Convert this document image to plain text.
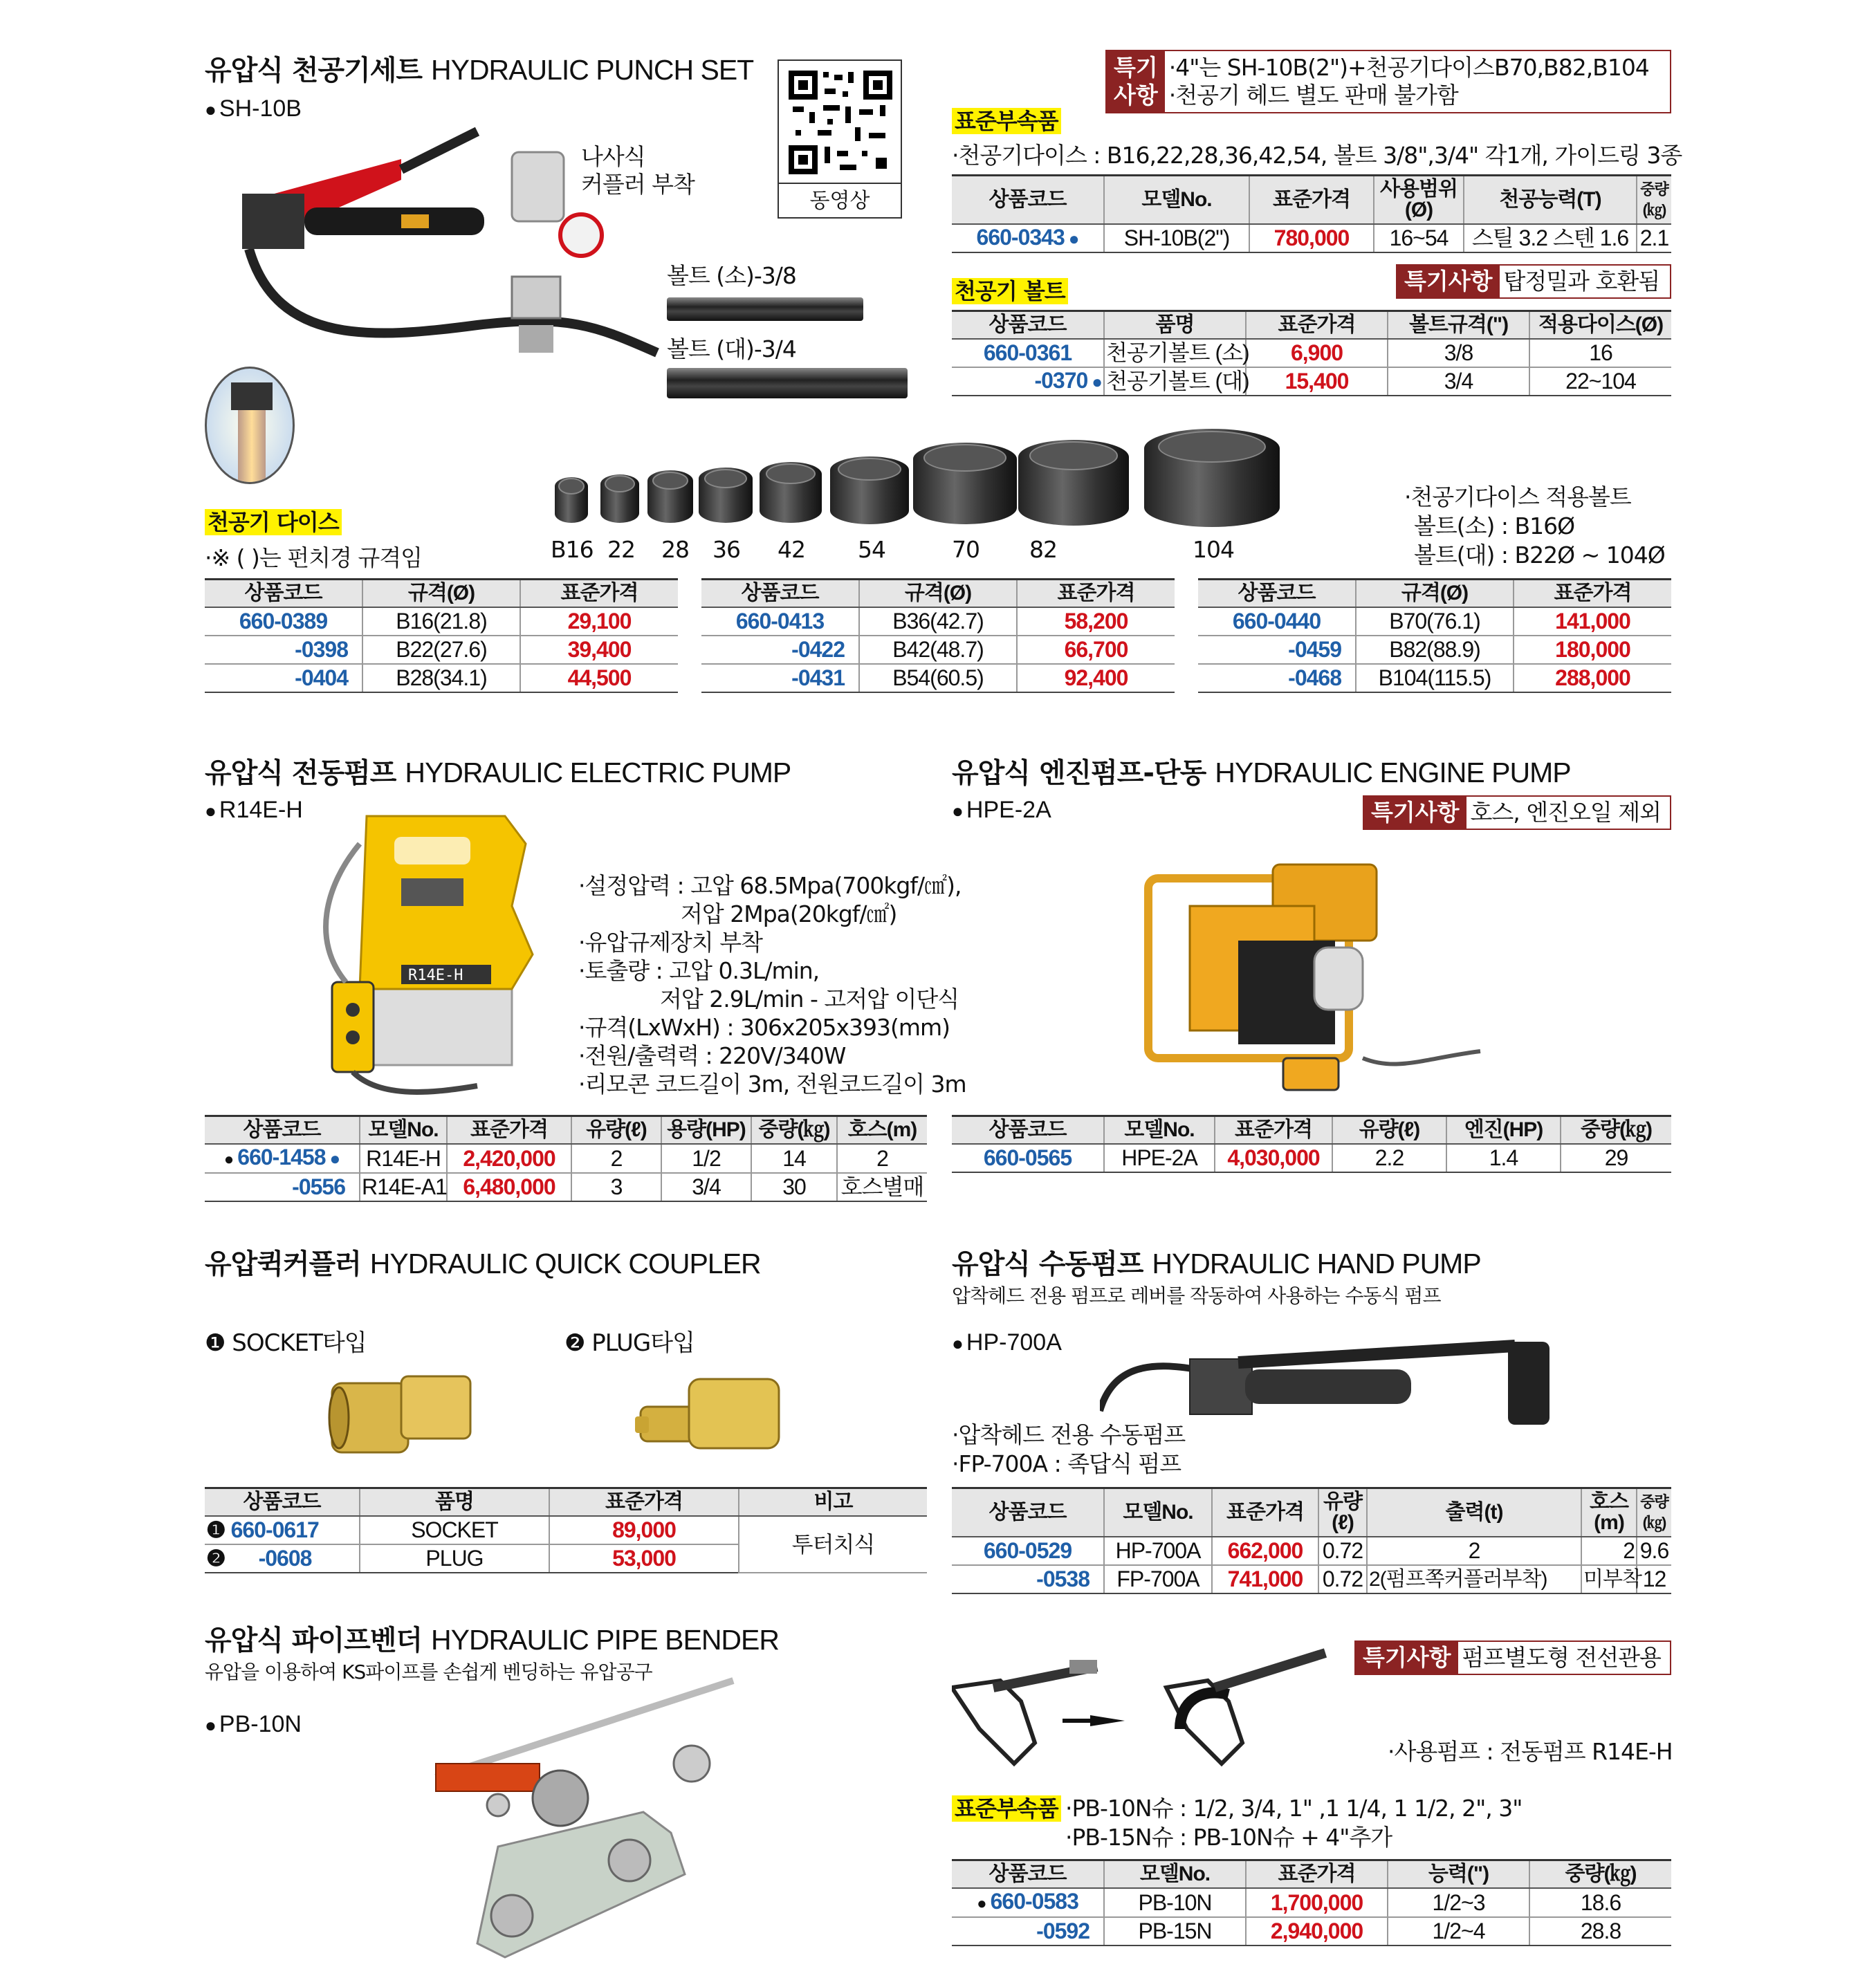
유압식 천공기세트 HYDRAULIC PUNCH SET
● SH-10B
나사식
커플러 부착
동영상
볼트 (소)-3/8
볼트 (대)-3/4
특기
사항
·4"는 SH-10B(2")+천공기다이스B70,B82,B104
·천공기 헤드 별도 판매 불가함
표준부속품
·천공기다이스 : B16,22,28,36,42,54, 볼트 3/8",3/4" 각1개, 가이드링 3종
상품코드	모델No.	표준가격	사용범위(Ø)	천공능력(T)	중량(㎏)
660-0343 ●	SH-10B(2")	780,000	16~54	스틸 3.2 스텐 1.6	2.1
천공기 볼트	특기사항 탑정밀과 호환됨
상품코드	품명	표준가격	볼트규격(")	적용다이스(Ø)
660-0361	천공기볼트 (소)	6,900	3/8	16
-0370 ●	천공기볼트 (대)	15,400	3/4	22~104
B16 22 28 36 42 54	70 82	104
·천공기다이스 적용볼트
볼트(소) : B16Ø
볼트(대) : B22Ø ~ 104Ø
천공기 다이스
·※ ( )는 펀치경 규격임
상품코드	규격(Ø)	표준가격
660-0389	B16(21.8)	29,100
-0398	B22(27.6)	39,400
-0404	B28(34.1)	44,500
상품코드	규격(Ø)	표준가격
660-0413	B36(42.7)	58,200
-0422	B42(48.7)	66,700
-0431	B54(60.5)	92,400
상품코드	규격(Ø)	표준가격
660-0440	B70(76.1)	141,000
-0459	B82(88.9)	180,000
-0468	B104(115.5)	288,000
유압식 전동펌프 HYDRAULIC ELECTRIC PUMP
● R14E-H
R14E-H
·설정압력 : 고압 68.5Mpa(700kgf/㎠),
저압 2Mpa(20kgf/㎠)
·유압규제장치 부착
·토출량 : 고압 0.3L/min,
저압 2.9L/min - 고저압 이단식
·규격(LxWxH) : 306x205x393(mm)
·전원/출력력 : 220V/340W
·리모콘 코드길이 3m, 전원코드길이 3m
상품코드	모델No.	표준가격	유량(ℓ)	용량(HP)	중량(㎏)	호스(m)
● 660-1458 ●	R14E-H	2,420,000	2	1/2	14	2
-0556	R14E-A1	6,480,000	3	3/4	30	호스별매
유압식 엔진펌프-단동 HYDRAULIC ENGINE PUMP
● HPE-2A	특기사항 호스, 엔진오일 제외
상품코드	모델No.	표준가격	유량(ℓ)	엔진(HP)	중량(㎏)
660-0565	HPE-2A	4,030,000	2.2	1.4	29
유압퀵커플러 HYDRAULIC QUICK COUPLER
❶ SOCKET타입	❷ PLUG타입
상품코드	품명	표준가격	비고
❶ 660-0617	SOCKET	89,000	투터치식
❷ -0608	PLUG	53,000	
유압식 수동펌프 HYDRAULIC HAND PUMP
압착헤드 전용 펌프로 레버를 작동하여 사용하는 수동식 펌프
● HP-700A
·압착헤드 전용 수동펌프
·FP-700A : 족답식 펌프
상품코드	모델No.	표준가격	유량(ℓ)	출력(t)	호스(m)	중량(㎏)
660-0529	HP-700A	662,000	0.72	2	2	9.6
-0538	FP-700A	741,000	0.72	2(펌프쪽커플러부착)	미부착	12
유압식 파이프벤더 HYDRAULIC PIPE BENDER
유압을 이용하여 KS파이프를 손쉽게 벤딩하는 유압공구
● PB-10N
특기사항 펌프별도형 전선관용
·사용펌프 : 전동펌프 R14E-H
표준부속품 ·PB-10N슈 : 1/2, 3/4, 1" ,1 1/4, 1 1/2, 2", 3"
·PB-15N슈 : PB-10N슈 + 4"추가
상품코드	모델No.	표준가격	능력(")	중량(㎏)
● 660-0583	PB-10N	1,700,000	1/2~3	18.6
-0592	PB-15N	2,940,000	1/2~4	28.8
